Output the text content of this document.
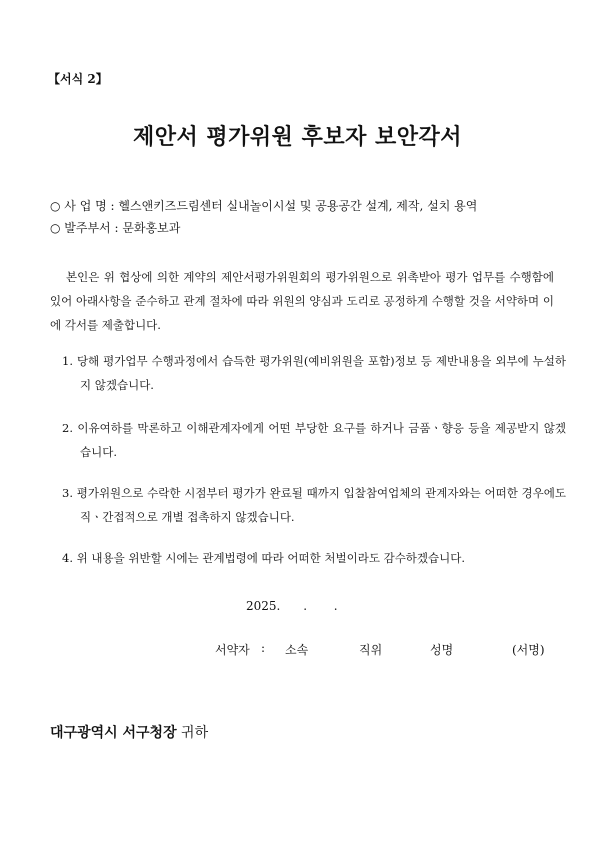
【서식 2】
제안서 평가위원 후보자 보안각서
○ 사 업 명 : 헬스앤키즈드림센터 실내놀이시설 및 공용공간 설계, 제작, 설치 용역
○ 발주부서 : 문화홍보과
본인은 위 협상에 의한 계약의 제안서평가위원회의 평가위원으로 위촉받아 평가 업무를 수행함에 있어 아래사항을 준수하고 관계 절차에 따라 위원의 양심과 도리로 공정하게 수행할 것을 서약하며 이에 각서를 제출합니다.
1. 당해 평가업무 수행과정에서 습득한 평가위원(예비위원을 포함)정보 등 제반내용을 외부에 누설하지 않겠습니다.
2. 이유여하를 막론하고 이해관계자에게 어떤 부당한 요구를 하거나 금품ㆍ향응 등을 제공받지 않겠습니다.
3. 평가위원으로 수락한 시점부터 평가가 완료될 때까지 입찰참여업체의 관계자와는 어떠한 경우에도 직ㆍ간접적으로 개별 접촉하지 않겠습니다.
4. 위 내용을 위반할 시에는 관계법령에 따라 어떠한 처벌이라도 감수하겠습니다.
2025.      .       .
서약자 : 소속	직위	성명	(서명)
대구광역시 서구청장 귀하
